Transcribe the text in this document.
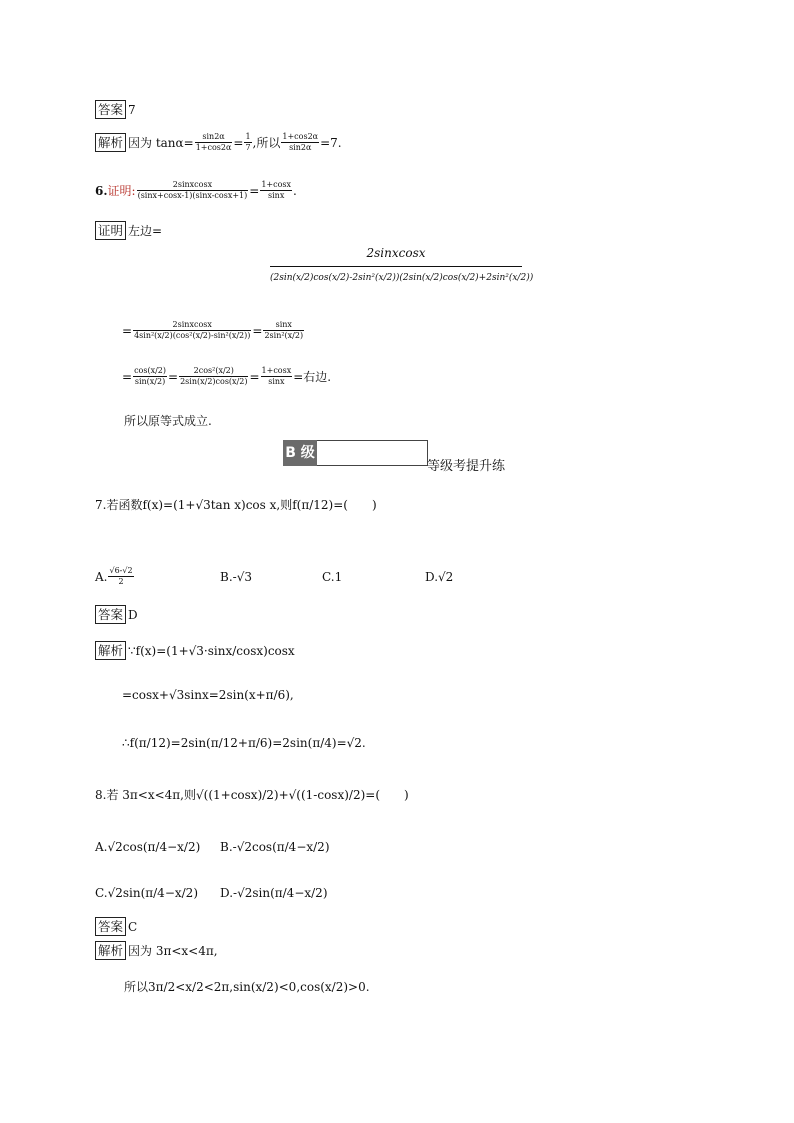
答案 7
解析 因为 $\tan\alpha= \frac{\sin 2\alpha}{1+\cos 2\alpha} = \frac{1}{7}$ ,所以 $\frac{1+\cos 2\alpha}{\sin 2\alpha} =7$.
6.证明: $\frac{\text{2sinxcosx}}{(\sin x+\cos x-1)(\sin x-\cos x+1)} = \frac{1+\cos x}{\sin x}$ .
证明 左边=
2sinxcosx
(2sin(x/2)cos(x/2)-2sin²(x/2))(2sin(x/2)cos(x/2)+2sin²(x/2))
= $\frac{\text{2sinxcosx}}{\text{4sin²(x/2)(cos²(x/2)-sin²(x/2))}} = \frac{\sin x}{\text{2sin²(x/2)}}$
= $\frac{\cos(x/2)}{\sin(x/2)} = \frac{\text{2cos²(x/2)}}{2\sin(x/2)\cos(x/2)} = \frac{1+\cos x}{\sin x}$ =右边.
所以原等式成立.
B 级
等级考提升练
7.若函数f(x)=(1+√3tan x)cos x,则f(π/12)=(　　)
A. $\frac{√6-√2}{2}$	B.-√3	C.1	D.√2
答案 D
解析 ∵f(x)=(1+√3·sinx/cosx)cosx
=cosx+√3sinx=2sin(x+π/6),
∴f(π/12)=2sin(π/12+π/6)=2sin(π/4)=√2.
8.若 3π<x<4π,则√((1+cosx)/2)+√((1-cosx)/2)=(　　)
A.√2cos(π/4−x/2) B.-√2cos(π/4−x/2)
C.√2sin(π/4−x/2) D.-√2sin(π/4−x/2)
答案 C
解析 因为 3π<x<4π,
所以3π/2<x/2<2π,sin(x/2)<0,cos(x/2)>0.
